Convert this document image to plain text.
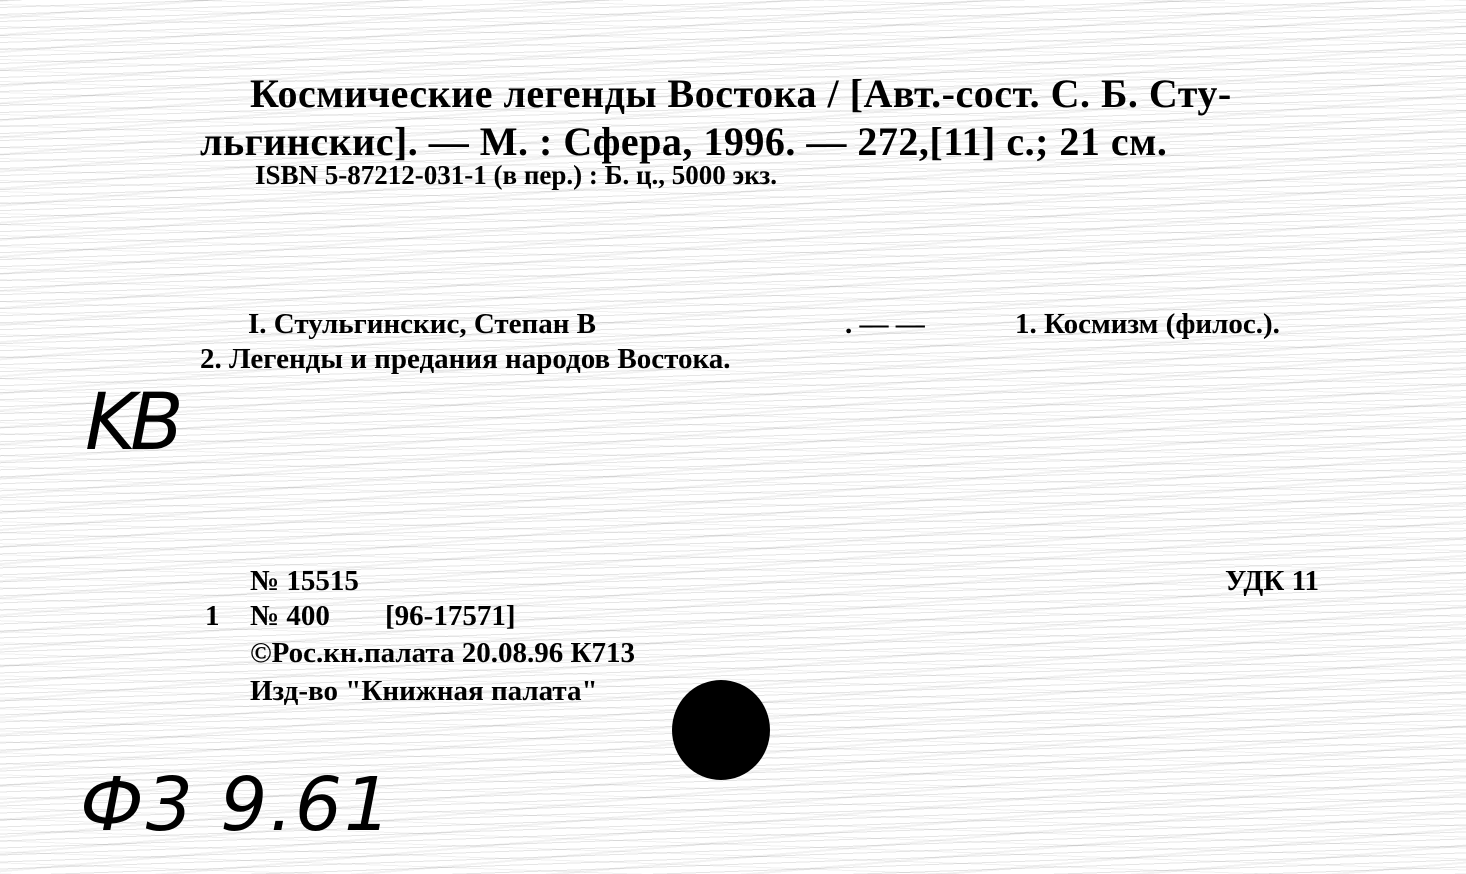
Космические легенды Востока / [Авт.-сост. С. Б. Сту-
льгинскис]. — М. : Сфера, 1996. — 272,[11] с.; 21 см.
ISBN 5-87212-031-1 (в пер.) : Б. ц., 5000 экз.
I. Стульгинскис, Степан В	. — —	1. Космизм (филос.).
2. Легенды и предания народов Востока.
KB
№ 15515	УДК 11
1 № 400 [96-17571]
©Рос.кн.палата 20.08.96 К713
Изд-во "Книжная палата"
Ф3 9.61
